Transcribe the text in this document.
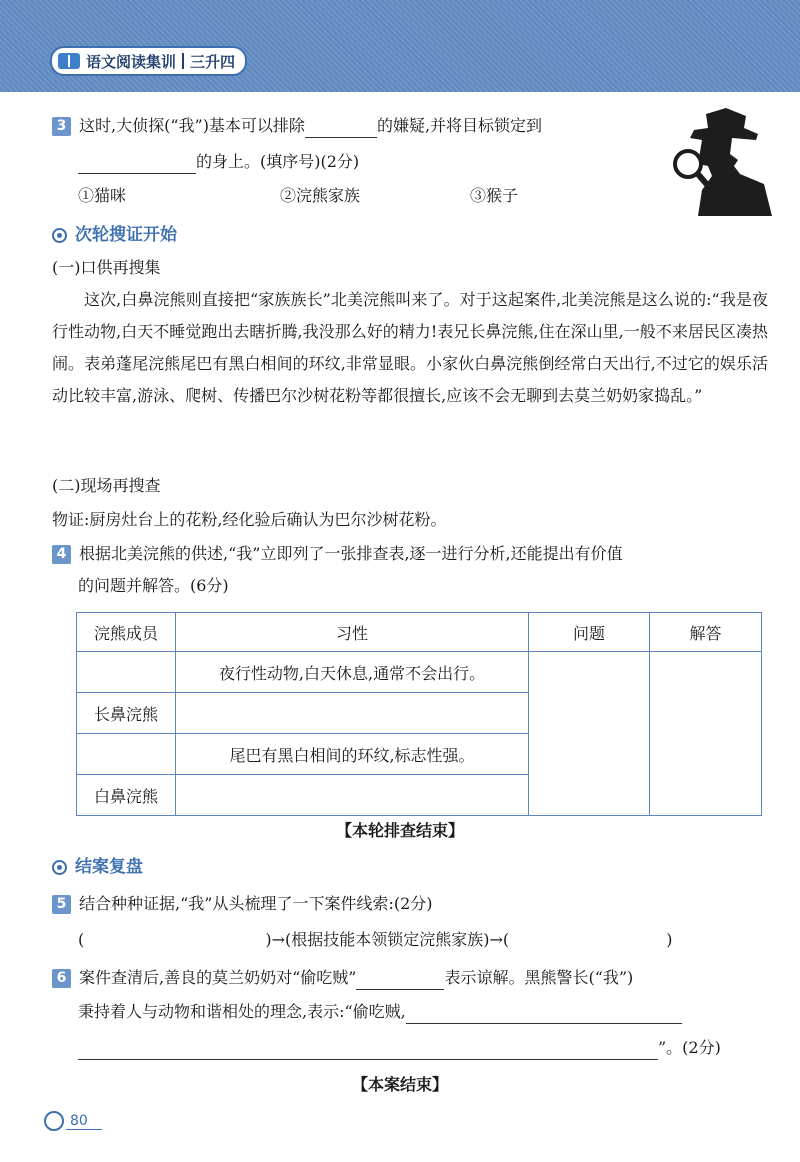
语文阅读集训 三升四
3 这时,大侦探(“我”)基本可以排除	的嫌疑,并将目标锁定到
的身上。(填序号)(2分)
①猫咪	②浣熊家族	③猴子
次轮搜证开始
(一)口供再搜集

这次,白鼻浣熊则直接把“家族族长”北美浣熊叫来了。对于这起案件,北美浣熊是这么说的:“我是夜行性动物,白天不睡觉跑出去瞎折腾,我没那么好的精力!表兄长鼻浣熊,住在深山里,一般不来居民区凑热闹。表弟蓬尾浣熊尾巴有黑白相间的环纹,非常显眼。小家伙白鼻浣熊倒经常白天出行,不过它的娱乐活动比较丰富,游泳、爬树、传播巴尔沙树花粉等都很擅长,应该不会无聊到去莫兰奶奶家捣乱。”

(二)现场再搜查
物证:厨房灶台上的花粉,经化验后确认为巴尔沙树花粉。
4 根据北美浣熊的供述,“我”立即列了一张排查表,逐一进行分析,还能提出有价值
的问题并解答。(6分)
浣熊成员	习性	问题	解答
	夜行性动物,白天休息,通常不会出行。		
长鼻浣熊			
	尾巴有黑白相间的环纹,标志性强。		
白鼻浣熊			
【本轮排查结束】
结案复盘
5 结合种种证据,“我”从头梳理了一下案件线索:(2分)
(	)→(根据技能本领锁定浣熊家族)→(	)
6 案件查清后,善良的莫兰奶奶对“偷吃贼”	表示谅解。黑熊警长(“我”)
秉持着人与动物和谐相处的理念,表示:“偷吃贼,
”。(2分)
【本案结束】
80
